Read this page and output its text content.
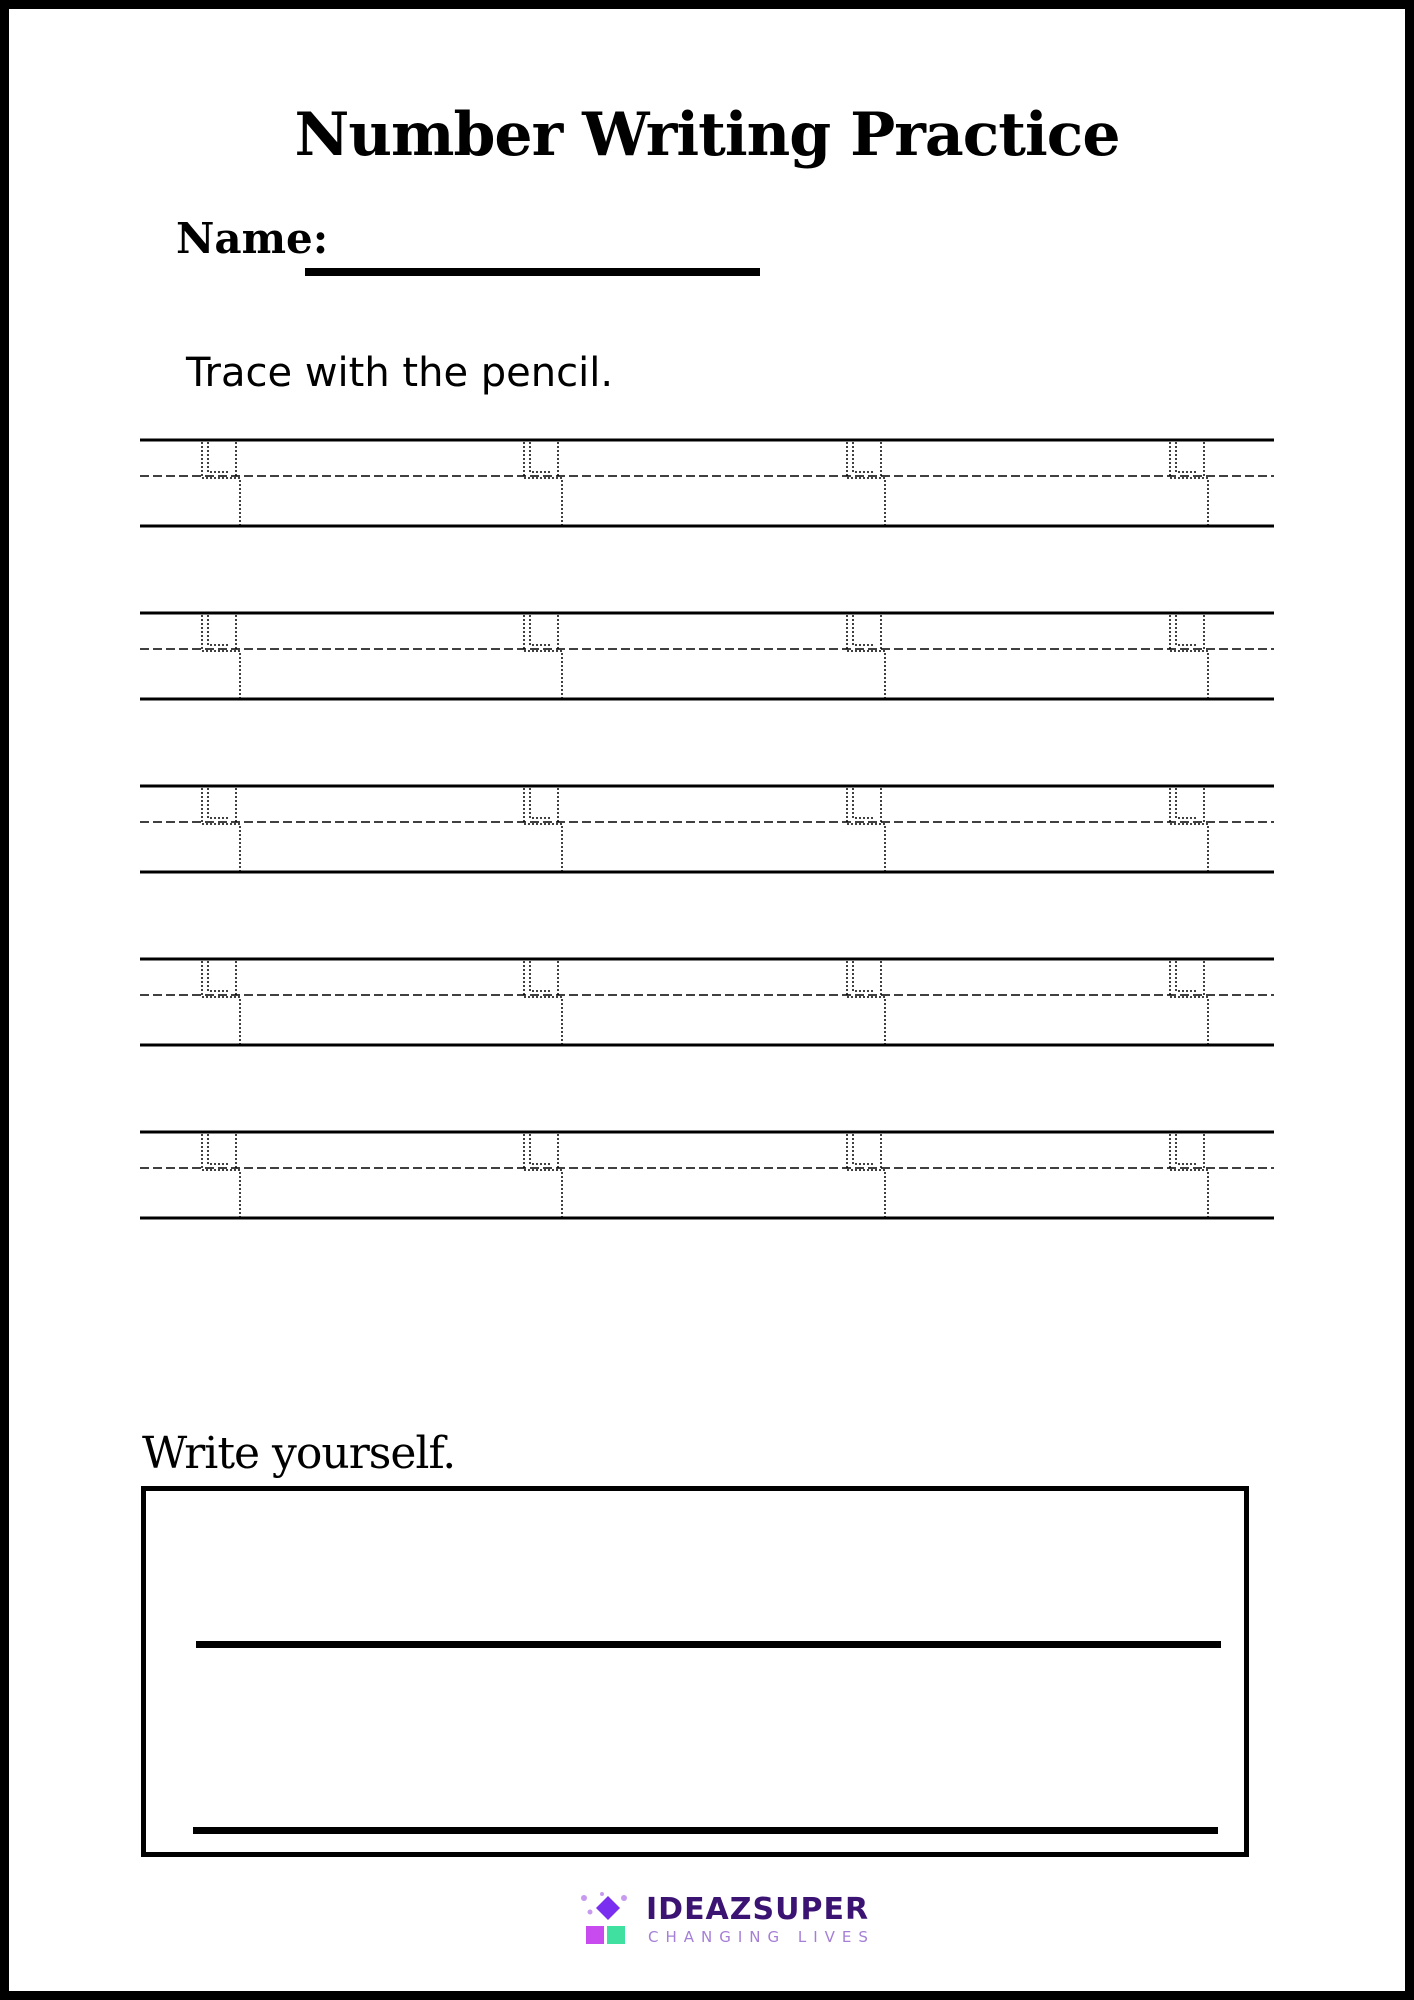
Number Writing Practice
Name:
Trace with the pencil.
Write yourself.
IDEAZSUPER
CHANGING LIVES
